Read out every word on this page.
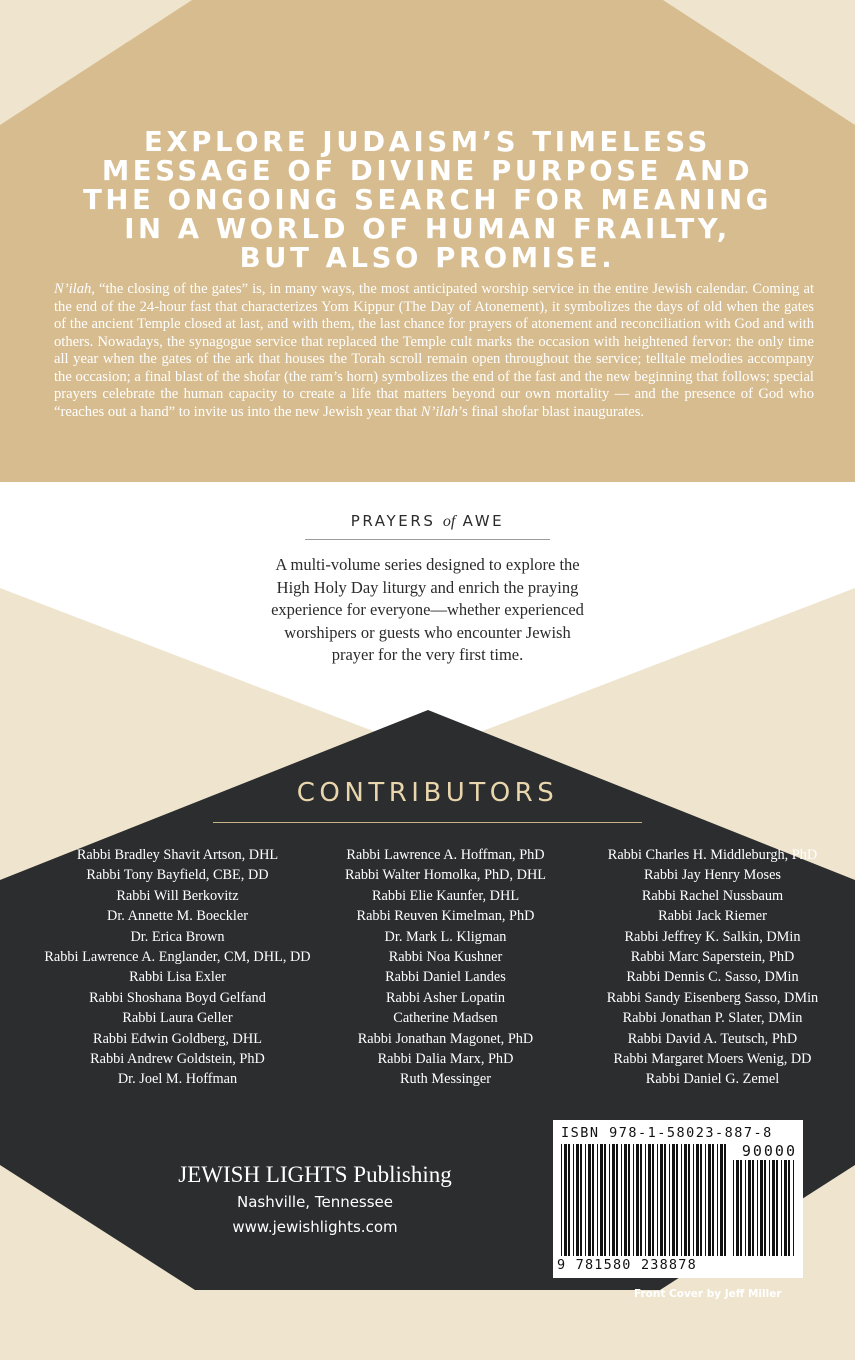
EXPLORE JUDAISM’S TIMELESS
MESSAGE OF DIVINE PURPOSE AND
THE ONGOING SEARCH FOR MEANING
IN A WORLD OF HUMAN FRAILTY,
BUT ALSO PROMISE.
N’ilah, “the closing of the gates” is, in many ways, the most anticipated worship service in the entire Jewish calendar. Coming at the end of the 24-hour fast that characterizes Yom Kippur (The Day of Atonement), it symbolizes the days of old when the gates of the ancient Temple closed at last, and with them, the last chance for prayers of atonement and reconciliation with God and with others. Nowadays, the synagogue service that replaced the Temple cult marks the occasion with heightened fervor: the only time all year when the gates of the ark that houses the Torah scroll remain open throughout the service; telltale melodies accompany the occasion; a final blast of the shofar (the ram’s horn) symbolizes the end of the fast and the new beginning that follows; special prayers celebrate the human capacity to create a life that matters beyond our own mortality — and the presence of God who “reaches out a hand” to invite us into the new Jewish year that N’ilah’s final shofar blast inaugurates.
PRAYERS of AWE
A multi-volume series designed to explore the
High Holy Day liturgy and enrich the praying
experience for everyone—whether experienced
worshipers or guests who encounter Jewish
prayer for the very first time.
CONTRIBUTORS
Rabbi Bradley Shavit Artson, DHL
Rabbi Tony Bayfield, CBE, DD
Rabbi Will Berkovitz
Dr. Annette M. Boeckler
Dr. Erica Brown
Rabbi Lawrence A. Englander, CM, DHL, DD
Rabbi Lisa Exler
Rabbi Shoshana Boyd Gelfand
Rabbi Laura Geller
Rabbi Edwin Goldberg, DHL
Rabbi Andrew Goldstein, PhD
Dr. Joel M. Hoffman
Rabbi Lawrence A. Hoffman, PhD
Rabbi Walter Homolka, PhD, DHL
Rabbi Elie Kaunfer, DHL
Rabbi Reuven Kimelman, PhD
Dr. Mark L. Kligman
Rabbi Noa Kushner
Rabbi Daniel Landes
Rabbi Asher Lopatin
Catherine Madsen
Rabbi Jonathan Magonet, PhD
Rabbi Dalia Marx, PhD
Ruth Messinger
Rabbi Charles H. Middleburgh, PhD
Rabbi Jay Henry Moses
Rabbi Rachel Nussbaum
Rabbi Jack Riemer
Rabbi Jeffrey K. Salkin, DMin
Rabbi Marc Saperstein, PhD
Rabbi Dennis C. Sasso, DMin
Rabbi Sandy Eisenberg Sasso, DMin
Rabbi Jonathan P. Slater, DMin
Rabbi David A. Teutsch, PhD
Rabbi Margaret Moers Wenig, DD
Rabbi Daniel G. Zemel
JEWISH LIGHTS Publishing
Nashville, Tennessee
www.jewishlights.com
ISBN 978-1-58023-887-8
90000
9 781580 238878
Front Cover by Jeff Miller
